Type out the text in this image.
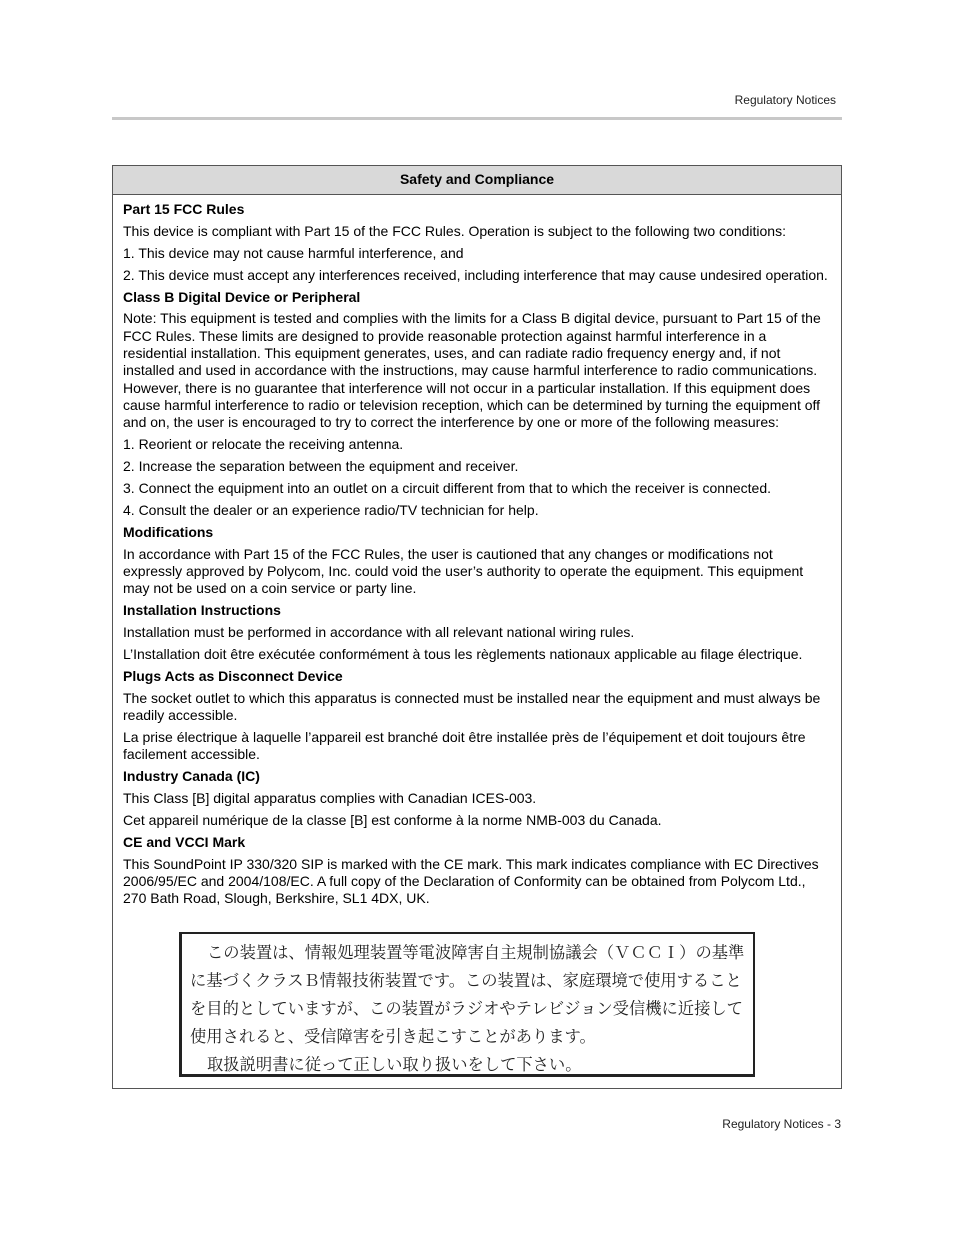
Regulatory Notices
Safety and Compliance

Part 15 FCC Rules

This device is compliant with Part 15 of the FCC Rules. Operation is subject to the following two conditions:

1. This device may not cause harmful interference, and

2. This device must accept any interferences received, including interference that may cause undesired operation.

Class B Digital Device or Peripheral

Note: This equipment is tested and complies with the limits for a Class B digital device, pursuant to Part 15 of the FCC Rules. These limits are designed to provide reasonable protection against harmful interference in a residential installation. This equipment generates, uses, and can radiate radio frequency energy and, if not installed and used in accordance with the instructions, may cause harmful interference to radio communications. However, there is no guarantee that interference will not occur in a particular installation. If this equipment does cause harmful interference to radio or television reception, which can be determined by turning the equipment off and on, the user is encouraged to try to correct the interference by one or more of the following measures:

1. Reorient or relocate the receiving antenna.

2. Increase the separation between the equipment and receiver.

3. Connect the equipment into an outlet on a circuit different from that to which the receiver is connected.

4. Consult the dealer or an experience radio/TV technician for help.

Modifications

In accordance with Part 15 of the FCC Rules, the user is cautioned that any changes or modifications not expressly approved by Polycom, Inc. could void the user’s authority to operate the equipment. This equipment may not be used on a coin service or party line.

Installation Instructions

Installation must be performed in accordance with all relevant national wiring rules.

L’Installation doit être exécutée conformément à tous les règlements nationaux applicable au filage électrique.

Plugs Acts as Disconnect Device

The socket outlet to which this apparatus is connected must be installed near the equipment and must always be readily accessible.

La prise électrique à laquelle l’appareil est branché doit être installée près de l’équipement et doit toujours être facilement accessible.

Industry Canada (IC)

This Class [B] digital apparatus complies with Canadian ICES-003.

Cet appareil numérique de la classe [B] est conforme à la norme NMB-003 du Canada.

CE and VCCI Mark

This SoundPoint IP 330/320 SIP is marked with the CE mark. This mark indicates compliance with EC Directives 2006/95/EC and 2004/108/EC. A full copy of the Declaration of Conformity can be obtained from Polycom Ltd., 270 Bath Road, Slough, Berkshire, SL1 4DX, UK.

この装置は、情報処理装置等電波障害自主規制協議会（ＶＣＣＩ）の基準
に基づくクラスＢ情報技術装置です。この装置は、家庭環境で使用すること
を目的としていますが、この装置がラジオやテレビジョン受信機に近接して
使用されると、受信障害を引き起こすことがあります。
取扱説明書に従って正しい取り扱いをして下さい。
Regulatory Notices - 3
